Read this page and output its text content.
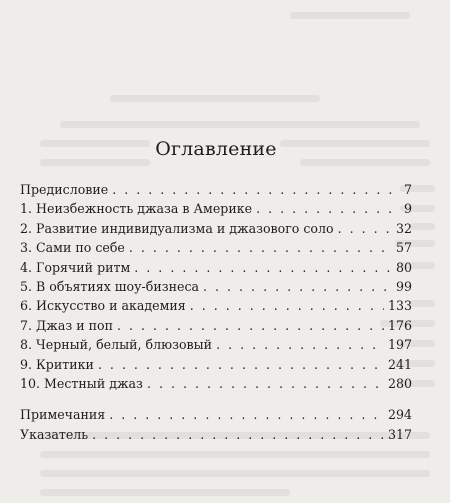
Оглавление
Предисловие . . .	7
1. Неизбежность джаза в Америке . . .	9
2. Развитие индивидуализма и джазового соло . . .	32
3. Сами по себе . . .	57
4. Горячий ритм . . .	80
5. В объятиях шоу-бизнеса . . .	99
6. Искусство и академия . . .	133
7. Джаз и поп . . .	176
8. Черный, белый, блюзовый . . .	197
9. Критики . . .	241
10. Местный джаз . . .	280
Примечания . . .	294
Указатель . . .	317
